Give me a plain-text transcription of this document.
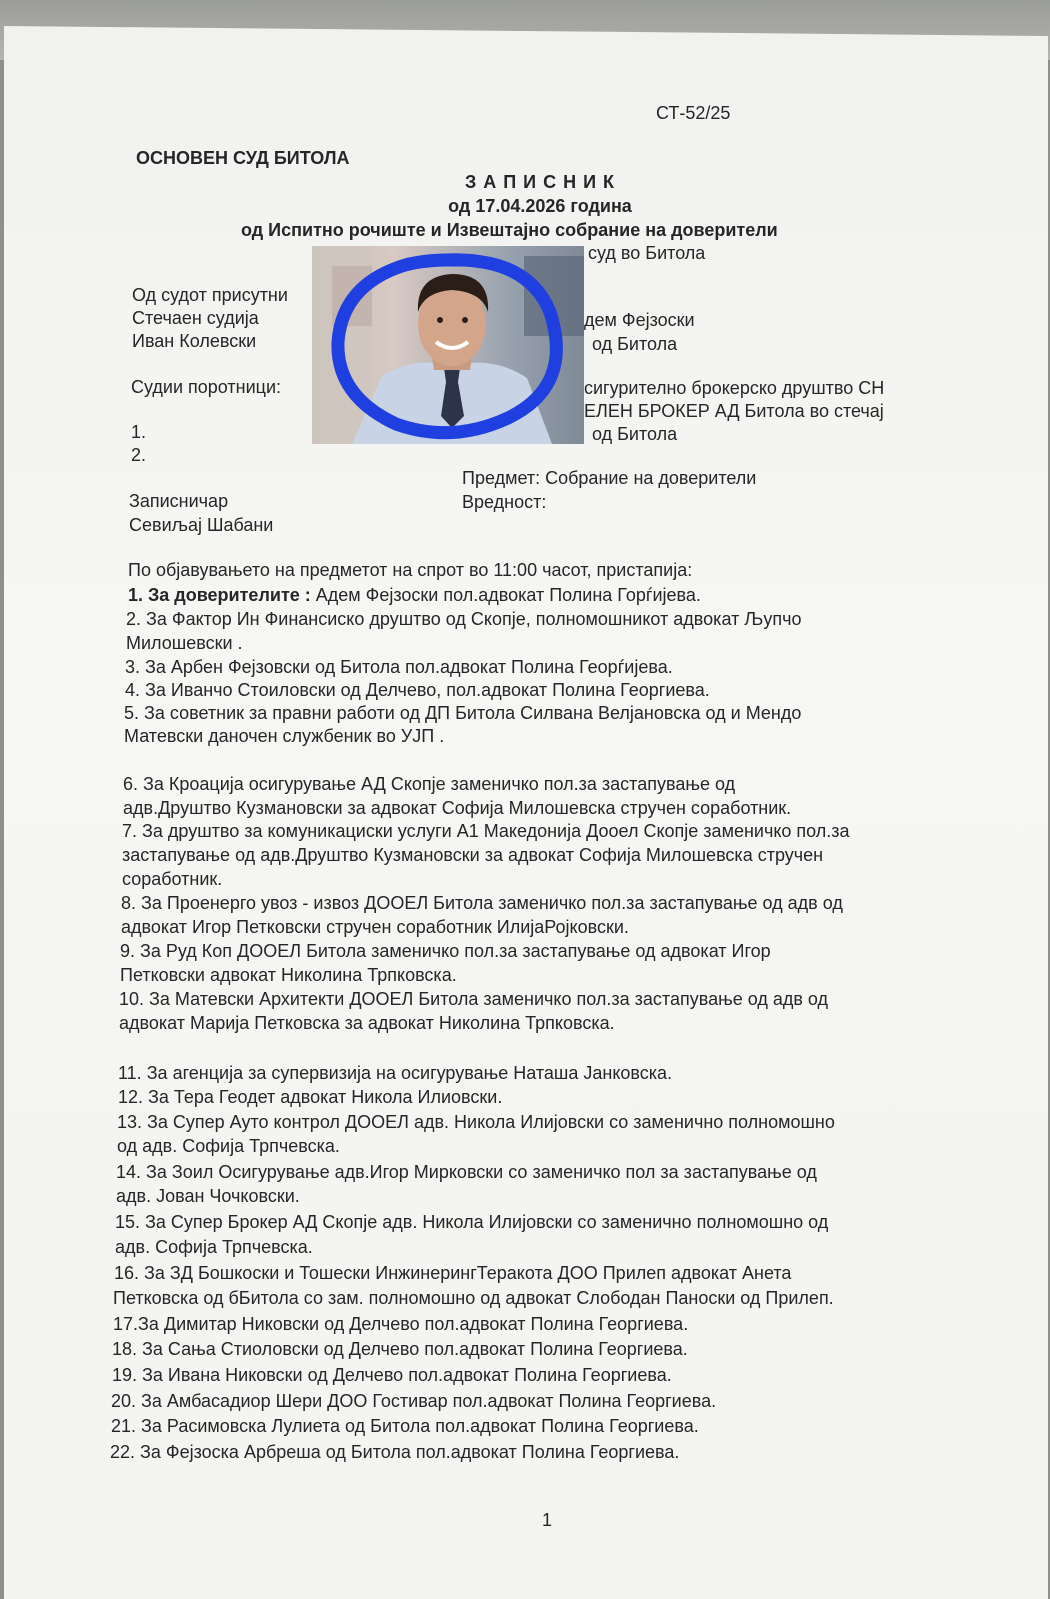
СТ-52/25
ОСНОВЕН СУД БИТОЛА
З А П И С Н И К
од 17.04.2026 година
од Испитно рочиште и Извештајно собрание на доверители
суд во Битола
Од судот присутни
Стечаен судија
Иван Колевски
Судии поротници:
1.
2.
Записничар
Севиљај Шабани
дем Фејзоски
од Битола
сигурително брокерско друштво СН
ЕЛЕН БРОКЕР АД Битола во стечај
од Битола
Предмет: Собрание на доверители
Вредност:
По објавувањето на предметот на спрот во 11:00 часот, пристапија:
1. За доверителите : Адем Фејзоски пол.адвокат Полина Горѓијева.
2. За Фактор Ин Финансиско друштво од Скопје, полномошникот адвокат Љупчо
Милошевски .
3. За Арбен Фејзовски од Битола пол.адвокат Полина Георѓијева.
4. За Иванчо Стоиловски од Делчево, пол.адвокат Полина Георгиева.
5. За советник за правни работи од ДП Битола Силвана Велјановска од и Мендо
Матевски даночен службеник во УЈП .
6. За Кроација осигурување АД Скопје заменичко пол.за застапување од
адв.Друштво Кузмановски за адвокат Софија Милошевска стручен соработник.
7. За друштво за комуникациски услуги А1 Македонија Дооел Скопје заменичко пол.за
застапување од адв.Друштво Кузмановски за адвокат Софија Милошевска стручен
соработник.
8. За Проенерго увоз - извоз ДООЕЛ Битола заменичко пол.за застапување од адв од
адвокат Игор Петковски стручен соработник ИлијаРојковски.
9. За Руд Коп ДООЕЛ Битола заменичко пол.за застапување од адвокат Игор
Петковски адвокат Николина Трпковска.
10. За Матевски Архитекти ДООЕЛ Битола заменичко пол.за застапување од адв од
адвокат Марија Петковска за адвокат Николина Трпковска.
11. За агенција за супервизија на осигурување Наташа Јанковска.
12. За Тера Геодет адвокат Никола Илиовски.
13. За Супер Ауто контрол ДООЕЛ адв. Никола Илијовски со заменично полномошно
од адв. Софија Трпчевска.
14. За Зоил Осигурување адв.Игор Мирковски со заменичко пол за застапување од
адв. Јован Чочковски.
15. За Супер Брокер АД Скопје адв. Никола Илијовски со заменично полномошно од
адв. Софија Трпчевска.
16. За ЗД Бошкоски и Тошески ИнжинерингТеракота ДОО Прилеп адвокат Анета
Петковска од бБитола со зам. полномошно од адвокат Слободан Паноски од Прилеп.
17.За Димитар Никовски од Делчево пол.адвокат Полина Георгиева.
18. За Сања Стиоловски од Делчево пол.адвокат Полина Георгиева.
19. За Ивана Никовски од Делчево пол.адвокат Полина Георгиева.
20. За Амбасадиор Шери ДОО Гостивар пол.адвокат Полина Георгиева.
21. За Расимовска Лулиета од Битола пол.адвокат Полина Георгиева.
22. За Фејзоска Арбреша од Битола пол.адвокат Полина Георгиева.
1
